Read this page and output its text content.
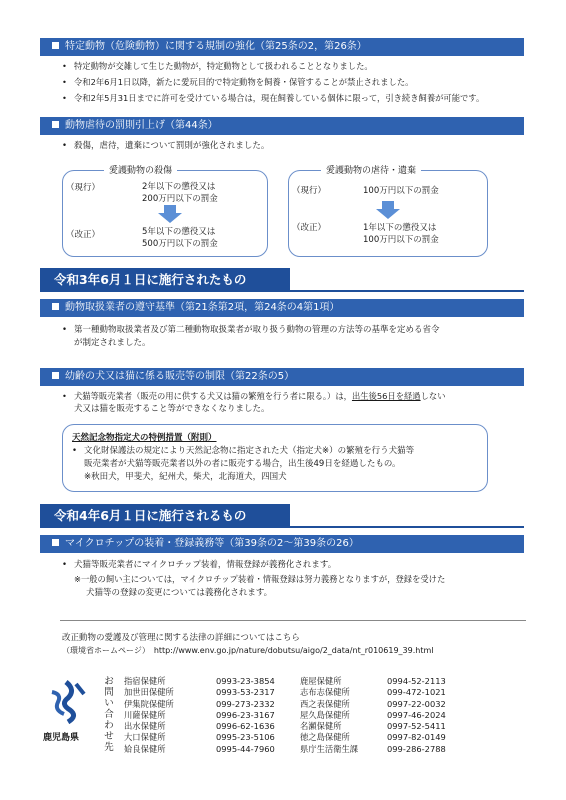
特定動物（危険動物）に関する規制の強化（第25条の2，第26条）
• 特定動物が交雑して生じた動物が，特定動物として扱われることとなりました。
• 令和2年6月1日以降，新たに愛玩目的で特定動物を飼養・保管することが禁止されました。
• 令和2年5月31日までに許可を受けている場合は，現在飼養している個体に限って，引き続き飼養が可能です。
動物虐待の罰則引上げ（第44条）
• 殺傷，虐待，遺棄について罰則が強化されました。
愛護動物の殺傷
（現行）	2年以下の懲役又は
200万円以下の罰金
（改正）	5年以下の懲役又は
500万円以下の罰金
愛護動物の虐待・遺棄
（現行）	100万円以下の罰金
（改正）	1年以下の懲役又は
100万円以下の罰金
令和3年6月１日に施行されたもの
動物取扱業者の遵守基準（第21条第2項，第24条の4第1項）
• 第一種動物取扱業者及び第二種動物取扱業者が取り扱う動物の管理の方法等の基準を定める省令
が制定されました。
幼齢の犬又は猫に係る販売等の制限（第22条の5）
• 犬猫等販売業者（販売の用に供する犬又は猫の繁殖を行う者に限る。）は，出生後56日を経過しない
犬又は猫を販売すること等ができなくなりました。
天然記念物指定犬の特例措置（附則）
• 文化財保護法の規定により天然記念物に指定された犬（指定犬※）の繁殖を行う犬猫等
販売業者が犬猫等販売業者以外の者に販売する場合，出生後49日を経過したもの。
※秋田犬，甲斐犬，紀州犬，柴犬，北海道犬，四国犬
令和4年6月１日に施行されるもの
マイクロチップの装着・登録義務等（第39条の2～第39条の26）
• 犬猫等販売業者にマイクロチップ装着，情報登録が義務化されます。
※一般の飼い主については，マイクロチップ装着・情報登録は努力義務となりますが，登録を受けた
犬猫等の登録の変更については義務化されます。
改正動物の愛護及び管理に関する法律の詳細についてはこちら
（環境省ホームページ）　http://www.env.go.jp/nature/dobutsu/aigo/2_data/nt_r010619_39.html
鹿児島県
お問い合わせ先
指宿保健所	0993-23-3854
加世田保健所	0993-53-2317
伊集院保健所	099-273-2332
川薩保健所	0996-23-3167
出水保健所	0996-62-1636
大口保健所	0995-23-5106
姶良保健所	0995-44-7960
鹿屋保健所	0994-52-2113
志布志保健所	099-472-1021
西之表保健所	0997-22-0032
屋久島保健所	0997-46-2024
名瀬保健所	0997-52-5411
徳之島保健所	0997-82-0149
県庁生活衛生課	099-286-2788
